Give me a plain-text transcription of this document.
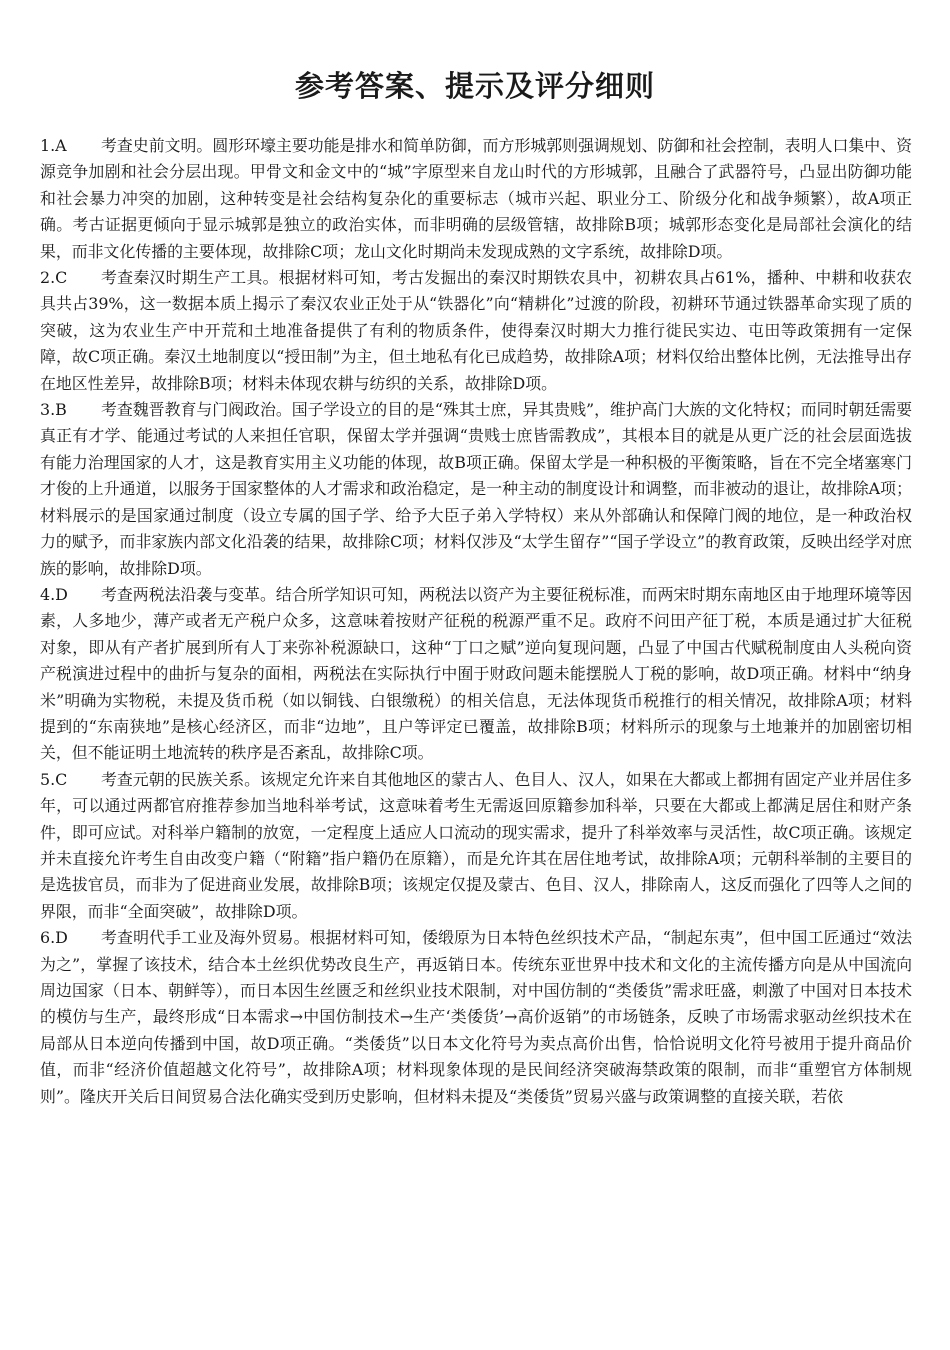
参考答案、提示及评分细则
1.A	考查史前文明。圆形环壕主要功能是排水和简单防御，而方形城郭则强调规划、防御和社会控制，表明人口集中、资源竞争加剧和社会分层出现。甲骨文和金文中的“城”字原型来自龙山时代的方形城郭，且融合了武器符号，凸显出防御功能和社会暴力冲突的加剧，这种转变是社会结构复杂化的重要标志（城市兴起、职业分工、阶级分化和战争频繁），故A项正确。考古证据更倾向于显示城郭是独立的政治实体，而非明确的层级管辖，故排除B项；城郭形态变化是局部社会演化的结果，而非文化传播的主要体现，故排除C项；龙山文化时期尚未发现成熟的文字系统，故排除D项。
2.C	考查秦汉时期生产工具。根据材料可知，考古发掘出的秦汉时期铁农具中，初耕农具占61%，播种、中耕和收获农具共占39%，这一数据本质上揭示了秦汉农业正处于从“铁器化”向“精耕化”过渡的阶段，初耕环节通过铁器革命实现了质的突破，这为农业生产中开荒和土地准备提供了有利的物质条件，使得秦汉时期大力推行徙民实边、屯田等政策拥有一定保障，故C项正确。秦汉土地制度以“授田制”为主，但土地私有化已成趋势，故排除A项；材料仅给出整体比例，无法推导出存在地区性差异，故排除B项；材料未体现农耕与纺织的关系，故排除D项。
3.B	考查魏晋教育与门阀政治。国子学设立的目的是“殊其士庶，异其贵贱”，维护高门大族的文化特权；而同时朝廷需要真正有才学、能通过考试的人来担任官职，保留太学并强调“贵贱士庶皆需教成”，其根本目的就是从更广泛的社会层面选拔有能力治理国家的人才，这是教育实用主义功能的体现，故B项正确。保留太学是一种积极的平衡策略，旨在不完全堵塞寒门才俊的上升通道，以服务于国家整体的人才需求和政治稳定，是一种主动的制度设计和调整，而非被动的退让，故排除A项；材料展示的是国家通过制度（设立专属的国子学、给予大臣子弟入学特权）来从外部确认和保障门阀的地位，是一种政治权力的赋予，而非家族内部文化沿袭的结果，故排除C项；材料仅涉及“太学生留存”“国子学设立”的教育政策，反映出经学对庶族的影响，故排除D项。
4.D	考查两税法沿袭与变革。结合所学知识可知，两税法以资产为主要征税标准，而两宋时期东南地区由于地理环境等因素，人多地少，薄产或者无产税户众多，这意味着按财产征税的税源严重不足。政府不问田产征丁税，本质是通过扩大征税对象，即从有产者扩展到所有人丁来弥补税源缺口，这种“丁口之赋”逆向复现问题，凸显了中国古代赋税制度由人头税向资产税演进过程中的曲折与复杂的面相，两税法在实际执行中囿于财政问题未能摆脱人丁税的影响，故D项正确。材料中“纳身米”明确为实物税，未提及货币税（如以铜钱、白银缴税）的相关信息，无法体现货币税推行的相关情况，故排除A项；材料提到的“东南狭地”是核心经济区，而非“边地”，且户等评定已覆盖，故排除B项；材料所示的现象与土地兼并的加剧密切相关，但不能证明土地流转的秩序是否紊乱，故排除C项。
5.C	考查元朝的民族关系。该规定允许来自其他地区的蒙古人、色目人、汉人，如果在大都或上都拥有固定产业并居住多年，可以通过两都官府推荐参加当地科举考试，这意味着考生无需返回原籍参加科举，只要在大都或上都满足居住和财产条件，即可应试。对科举户籍制的放宽，一定程度上适应人口流动的现实需求，提升了科举效率与灵活性，故C项正确。该规定并未直接允许考生自由改变户籍（“附籍”指户籍仍在原籍），而是允许其在居住地考试，故排除A项；元朝科举制的主要目的是选拔官员，而非为了促进商业发展，故排除B项；该规定仅提及蒙古、色目、汉人，排除南人，这反而强化了四等人之间的界限，而非“全面突破”，故排除D项。
6.D	考查明代手工业及海外贸易。根据材料可知，倭缎原为日本特色丝织技术产品，“制起东夷”，但中国工匠通过“效法为之”，掌握了该技术，结合本土丝织优势改良生产，再返销日本。传统东亚世界中技术和文化的主流传播方向是从中国流向周边国家（日本、朝鲜等），而日本因生丝匮乏和丝织业技术限制，对中国仿制的“类倭货”需求旺盛，刺激了中国对日本技术的模仿与生产，最终形成“日本需求→中国仿制技术→生产‘类倭货’→高价返销”的市场链条，反映了市场需求驱动丝织技术在局部从日本逆向传播到中国，故D项正确。“类倭货”以日本文化符号为卖点高价出售，恰恰说明文化符号被用于提升商品价值，而非“经济价值超越文化符号”，故排除A项；材料现象体现的是民间经济突破海禁政策的限制，而非“重塑官方体制规则”。隆庆开关后日间贸易合法化确实受到历史影响，但材料未提及“类倭货”贸易兴盛与政策调整的直接关联，若依
